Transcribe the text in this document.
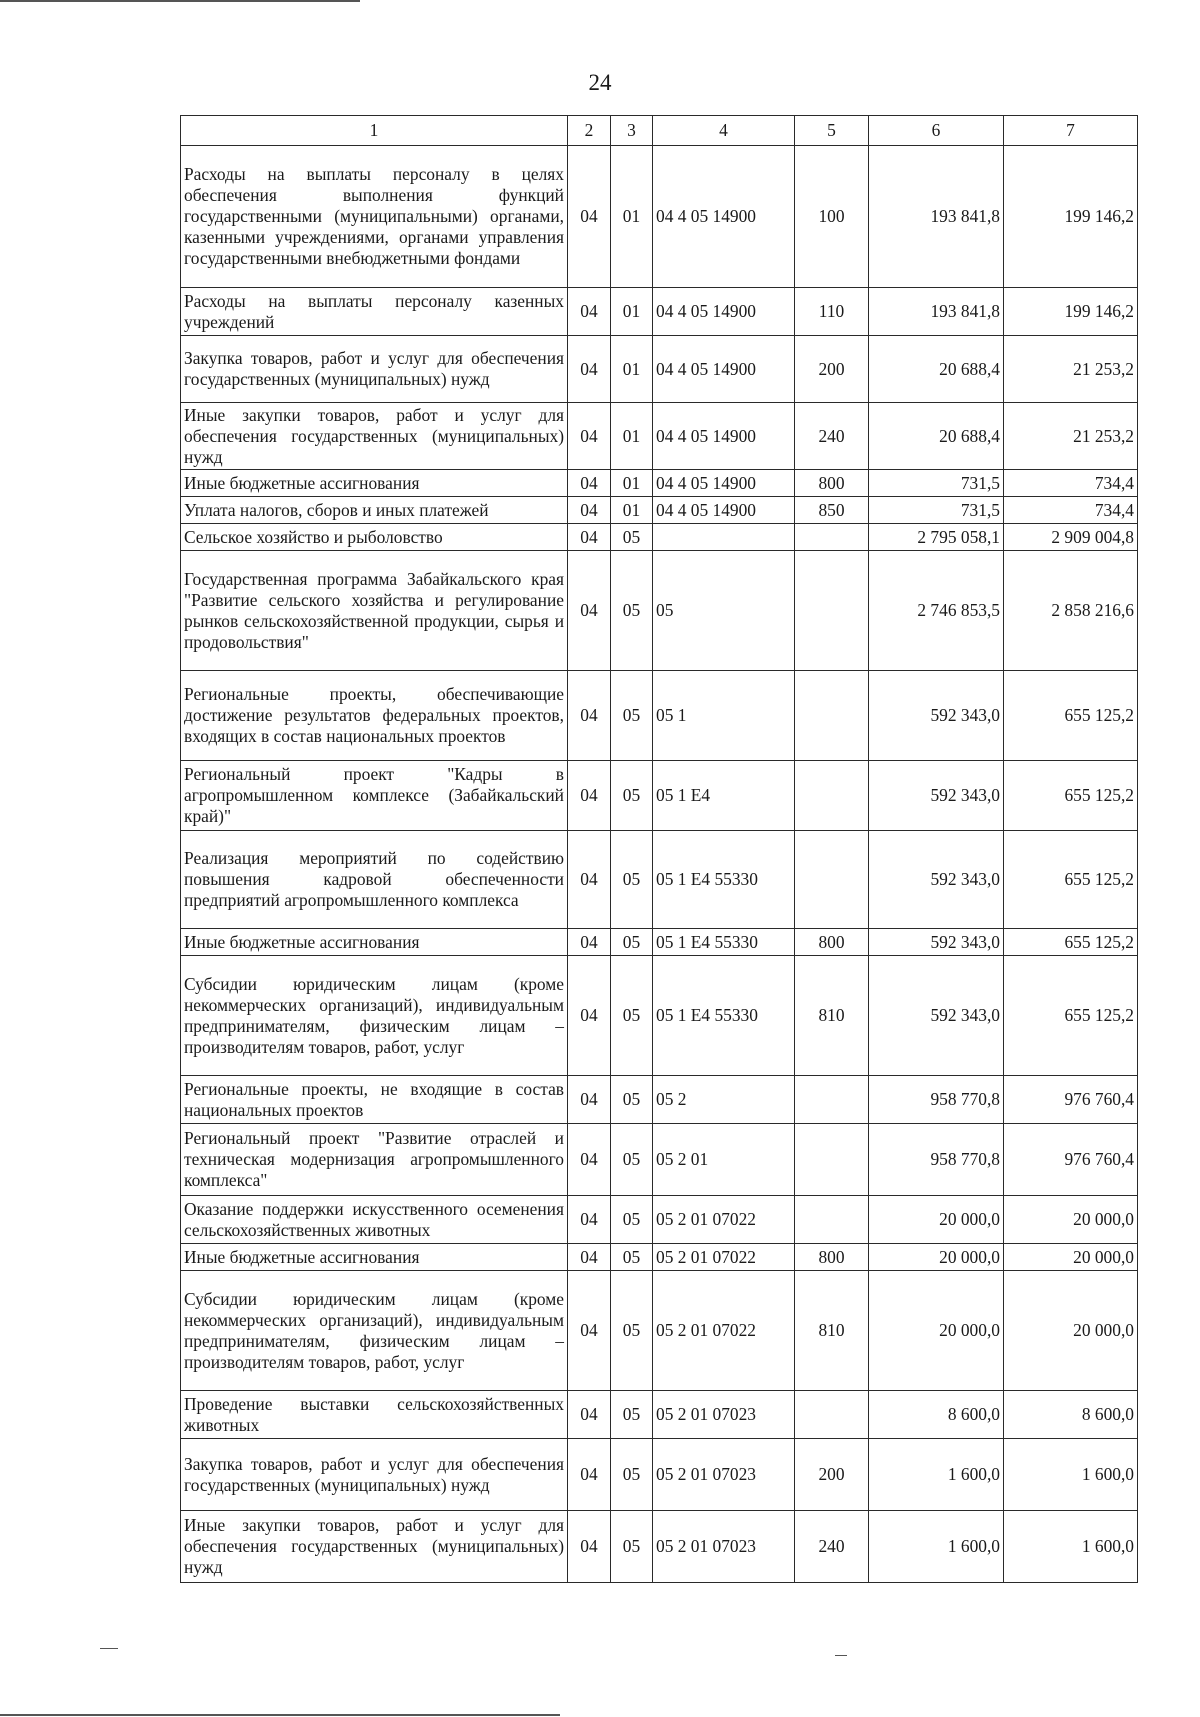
24
1	2	3	4	5	6	7
Расходы на выплаты персоналу в целях обеспечения выполнения функций государственными (муниципальными) органами, казенными учреждениями, органами управления государственными внебюджетными фондами	04	01	04 4 05 14900	100	193 841,8	199 146,2
Расходы на выплаты персоналу казенных учреждений	04	01	04 4 05 14900	110	193 841,8	199 146,2
Закупка товаров, работ и услуг для обеспечения государственных (муниципальных) нужд	04	01	04 4 05 14900	200	20 688,4	21 253,2
Иные закупки товаров, работ и услуг для обеспечения государственных (муниципальных) нужд	04	01	04 4 05 14900	240	20 688,4	21 253,2
Иные бюджетные ассигнования	04	01	04 4 05 14900	800	731,5	734,4
Уплата налогов, сборов и иных платежей	04	01	04 4 05 14900	850	731,5	734,4
Сельское хозяйство и рыболовство	04	05			2 795 058,1	2 909 004,8
Государственная программа Забайкальского края "Развитие сельского хозяйства и регулирование рынков сельскохозяйственной продукции, сырья и продовольствия"	04	05	05		2 746 853,5	2 858 216,6
Региональные проекты, обеспечивающие достижение результатов федеральных проектов, входящих в состав национальных проектов	04	05	05 1		592 343,0	655 125,2
Региональный проект "Кадры в агропромышленном комплексе (Забайкальский край)"	04	05	05 1 Е4		592 343,0	655 125,2
Реализация мероприятий по содействию повышения кадровой обеспеченности предприятий агропромышленного комплекса	04	05	05 1 Е4 55330		592 343,0	655 125,2
Иные бюджетные ассигнования	04	05	05 1 Е4 55330	800	592 343,0	655 125,2
Субсидии юридическим лицам (кроме некоммерческих организаций), индивидуальным предпринимателям, физическим лицам – производителям товаров, работ, услуг	04	05	05 1 Е4 55330	810	592 343,0	655 125,2
Региональные проекты, не входящие в состав национальных проектов	04	05	05 2		958 770,8	976 760,4
Региональный проект "Развитие отраслей и техническая модернизация агропромышленного комплекса"	04	05	05 2 01		958 770,8	976 760,4
Оказание поддержки искусственного осеменения сельскохозяйственных животных	04	05	05 2 01 07022		20 000,0	20 000,0
Иные бюджетные ассигнования	04	05	05 2 01 07022	800	20 000,0	20 000,0
Субсидии юридическим лицам (кроме некоммерческих организаций), индивидуальным предпринимателям, физическим лицам – производителям товаров, работ, услуг	04	05	05 2 01 07022	810	20 000,0	20 000,0
Проведение выставки сельскохозяйственных животных	04	05	05 2 01 07023		8 600,0	8 600,0
Закупка товаров, работ и услуг для обеспечения государственных (муниципальных) нужд	04	05	05 2 01 07023	200	1 600,0	1 600,0
Иные закупки товаров, работ и услуг для обеспечения государственных (муниципальных) нужд	04	05	05 2 01 07023	240	1 600,0	1 600,0
